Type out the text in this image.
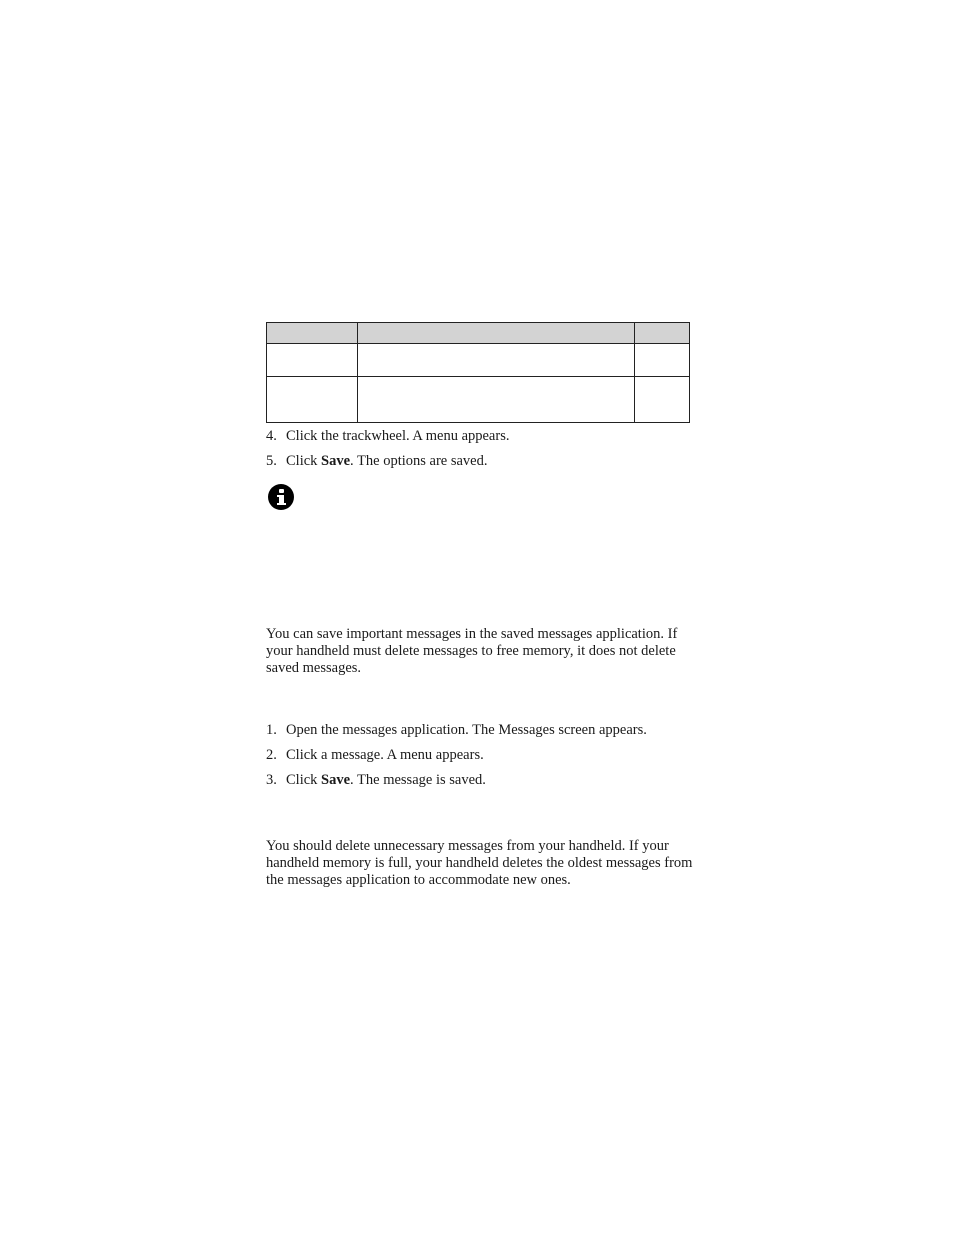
4. Click the trackwheel. A menu appears.
5. Click Save. The options are saved.
You can save important messages in the saved messages application. If your handheld must delete messages to free memory, it does not delete saved messages.
1. Open the messages application. The Messages screen appears.
2. Click a message. A menu appears.
3. Click Save. The message is saved.
You should delete unnecessary messages from your handheld. If your handheld memory is full, your handheld deletes the oldest messages from the messages application to accommodate new ones.
